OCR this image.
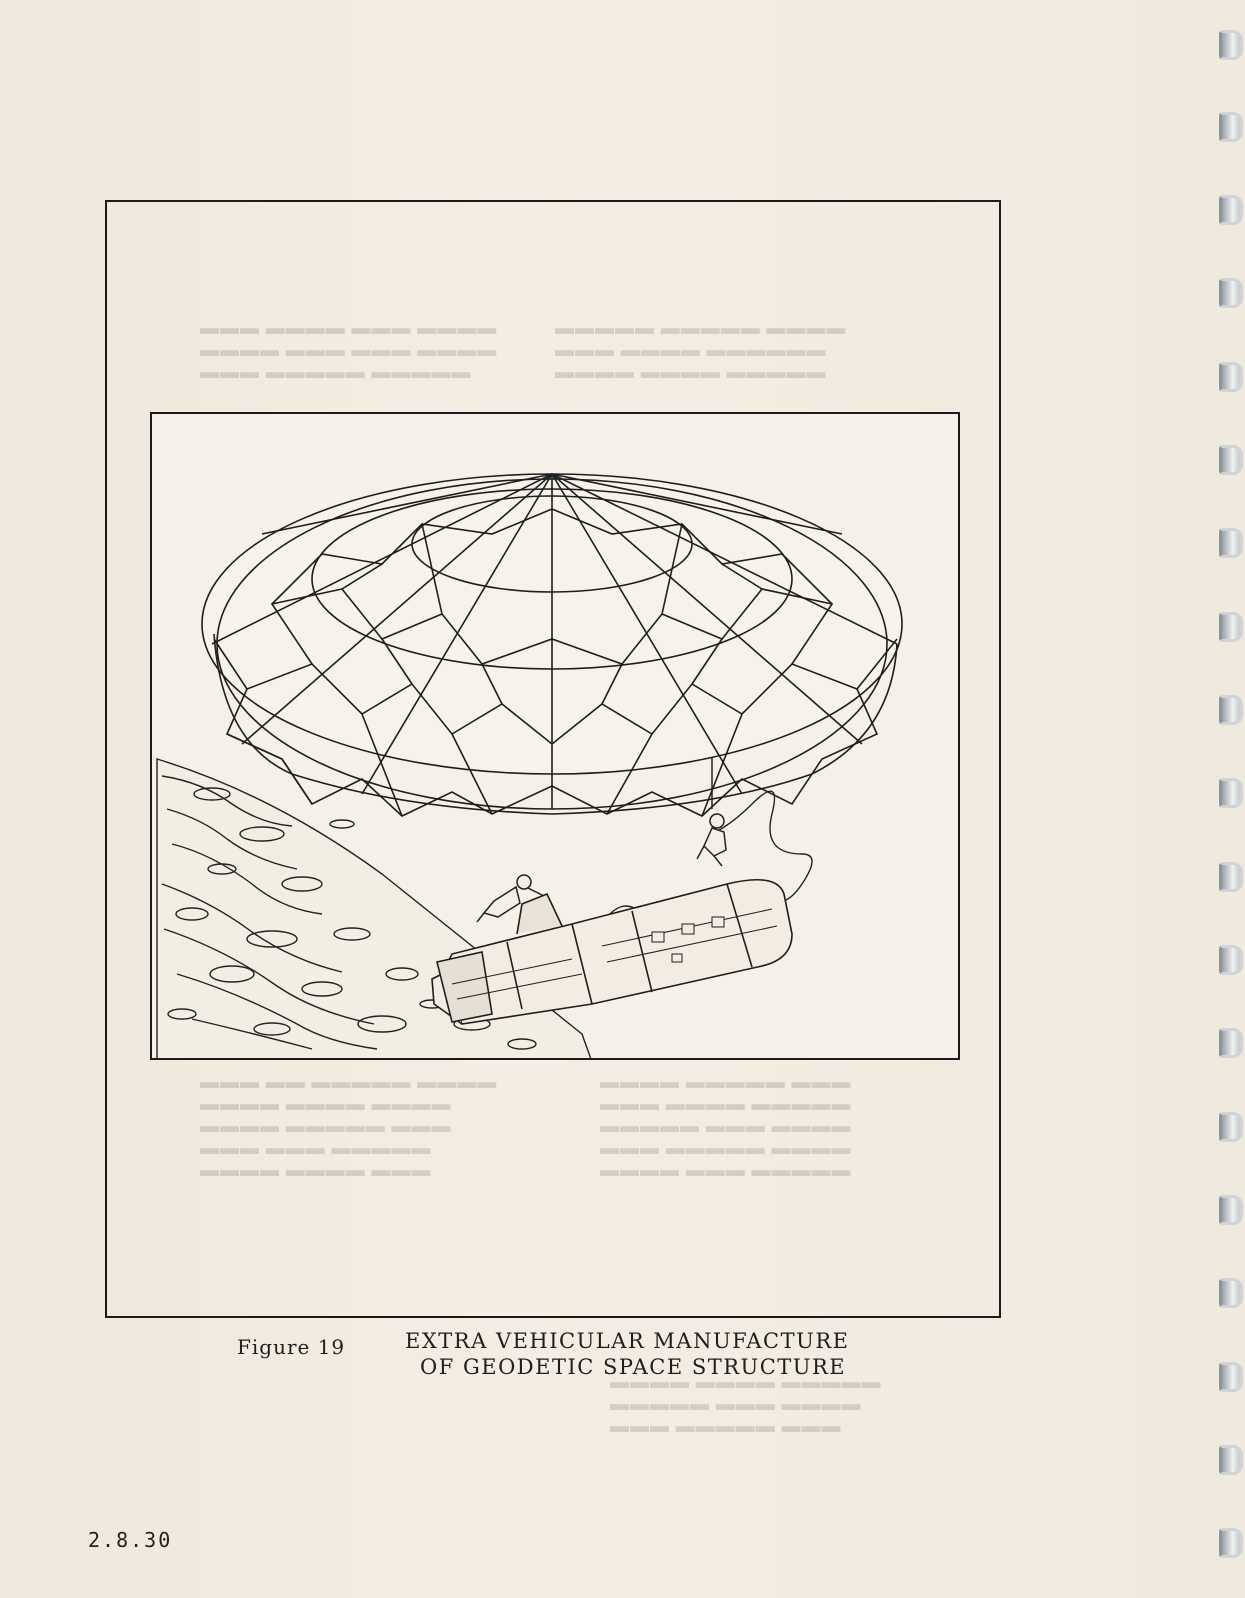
▬▬▬ ▬▬▬▬ ▬▬▬ ▬▬▬▬
▬▬▬▬ ▬▬▬ ▬▬▬ ▬▬▬▬
▬▬▬ ▬▬▬▬▬ ▬▬▬▬▬
▬▬▬▬▬ ▬▬▬▬▬ ▬▬▬▬
▬▬▬ ▬▬▬▬ ▬▬▬▬▬▬
▬▬▬▬ ▬▬▬▬ ▬▬▬▬▬
▬▬▬ ▬▬ ▬▬▬▬▬ ▬▬▬▬
▬▬▬▬ ▬▬▬▬ ▬▬▬▬
▬▬▬▬ ▬▬▬▬▬ ▬▬▬
▬▬▬ ▬▬▬ ▬▬▬▬▬
▬▬▬▬ ▬▬▬▬ ▬▬▬
▬▬▬▬ ▬▬▬▬▬ ▬▬▬
▬▬▬ ▬▬▬▬ ▬▬▬▬▬
▬▬▬▬▬ ▬▬▬ ▬▬▬▬
▬▬▬ ▬▬▬▬▬ ▬▬▬▬
▬▬▬▬ ▬▬▬ ▬▬▬▬▬
▬▬▬▬ ▬▬▬▬ ▬▬▬▬▬
▬▬▬▬▬ ▬▬▬ ▬▬▬▬
▬▬▬ ▬▬▬▬▬ ▬▬▬
Figure 19	EXTRA VEHICULAR MANUFACTURE
OF GEODETIC SPACE STRUCTURE
2.8.30
